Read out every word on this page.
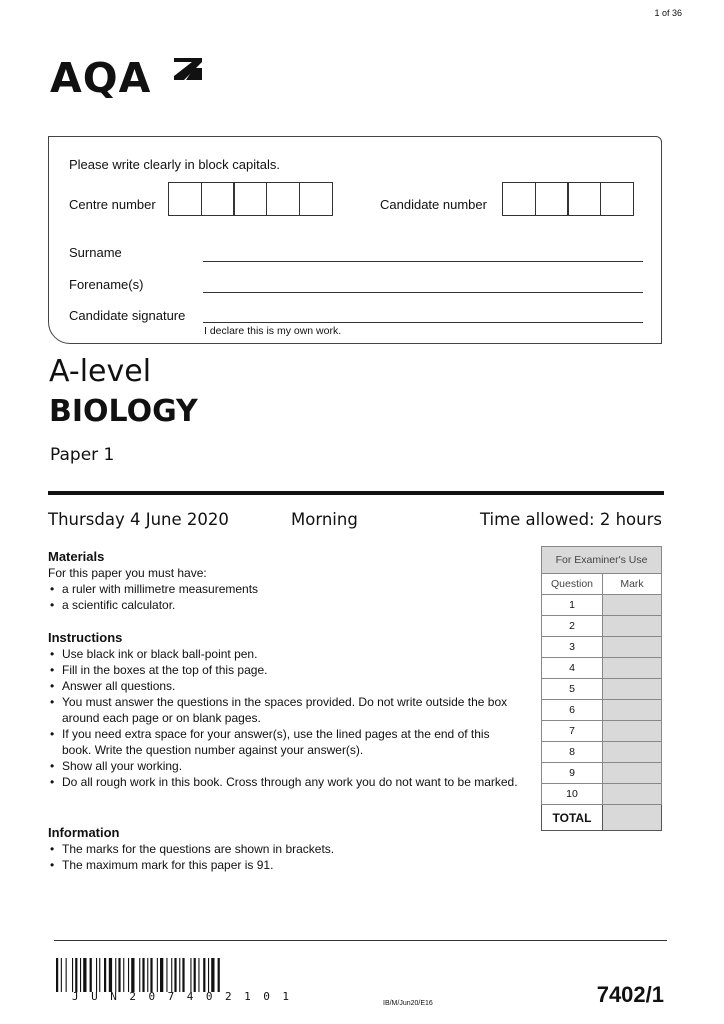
1 of 36
AQA
Please write clearly in block capitals.
Centre number	Candidate number
Surname
Forename(s)
Candidate signature
I declare this is my own work.
A-level
BIOLOGY
Paper 1
Thursday 4 June 2020	Morning	Time allowed: 2 hours
Materials
For this paper you must have:
• a ruler with millimetre measurements
• a scientific calculator.
Instructions
• Use black ink or black ball-point pen.
• Fill in the boxes at the top of this page.
• Answer all questions.
• You must answer the questions in the spaces provided. Do not write outside the box around each page or on blank pages.
• If you need extra space for your answer(s), use the lined pages at the end of this book. Write the question number against your answer(s).
• Show all your working.
• Do all rough work in this book. Cross through any work you do not want to be marked.
Information
• The marks for the questions are shown in brackets.
• The maximum mark for this paper is 91.
For Examiner's Use	
Question	Mark
1	
2	
3	
4	
5	
6	
7	
8	
9	
10	
TOTAL	
JUN207402101
IB/M/Jun20/E16	7402/1
